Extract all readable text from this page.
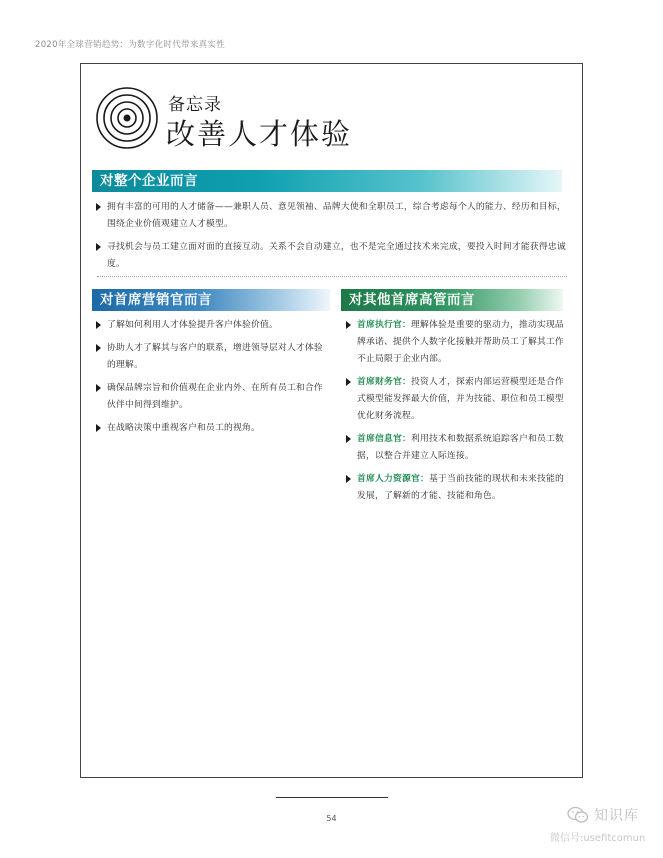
2020年全球营销趋势：为数字化时代带来真实性
备忘录
改善人才体验
对整个企业而言
拥有丰富的可用的人才储备——兼职人员、意见领袖、品牌大使和全职员工，综合考虑每个人的能力、经历和目标，围绕企业价值观建立人才模型。
寻找机会与员工建立面对面的直接互动。关系不会自动建立，也不是完全通过技术来完成，要投入时间才能获得忠诚度。
对首席营销官而言
了解如何利用人才体验提升客户体验价值。
协助人才了解其与客户的联系，增进领导层对人才体验的理解。
确保品牌宗旨和价值观在企业内外、在所有员工和合作伙伴中间得到维护。
在战略决策中重视客户和员工的视角。
对其他首席高管而言
首席执行官：理解体验是重要的驱动力，推动实现品牌承诺、提供个人数字化接触并帮助员工了解其工作不止局限于企业内部。
首席财务官：投资人才，探索内部运营模型还是合作式模型能发挥最大价值，并为技能、职位和员工模型优化财务流程。
首席信息官：利用技术和数据系统追踪客户和员工数据，以整合并建立人际连接。
首席人力资源官：基于当前技能的现状和未来技能的发展，了解新的才能、技能和角色。
54	知识库
微信号:usefitcomun
